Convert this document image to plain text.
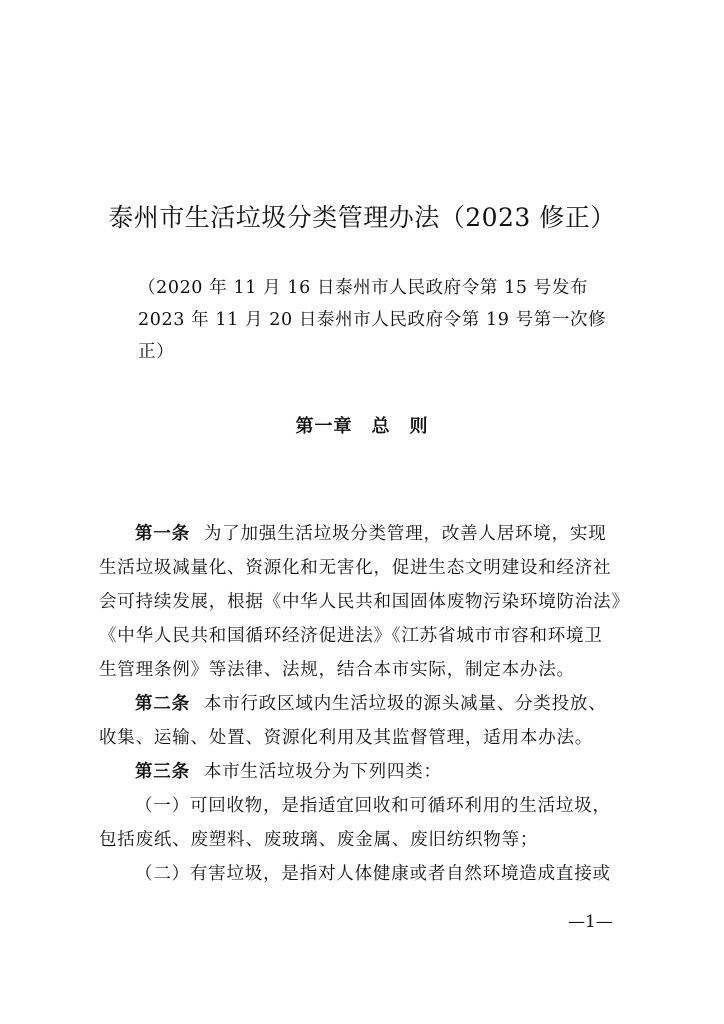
泰州市生活垃圾分类管理办法（2023 修正）
（2020 年 11 月 16 日泰州市人民政府令第 15 号发布
2023 年 11 月 20 日泰州市人民政府令第 19 号第一次修
正）
第一章　总　则
第一条 为了加强生活垃圾分类管理，改善人居环境，实现
生活垃圾减量化、资源化和无害化，促进生态文明建设和经济社
会可持续发展，根据《中华人民共和国固体废物污染环境防治法》
《中华人民共和国循环经济促进法》《江苏省城市市容和环境卫
生管理条例》等法律、法规，结合本市实际，制定本办法。
第二条 本市行政区域内生活垃圾的源头减量、分类投放、
收集、运输、处置、资源化利用及其监督管理，适用本办法。
第三条 本市生活垃圾分为下列四类：
（一）可回收物，是指适宜回收和可循环利用的生活垃圾，
包括废纸、废塑料、废玻璃、废金属、废旧纺织物等；
（二）有害垃圾，是指对人体健康或者自然环境造成直接或
—1—
